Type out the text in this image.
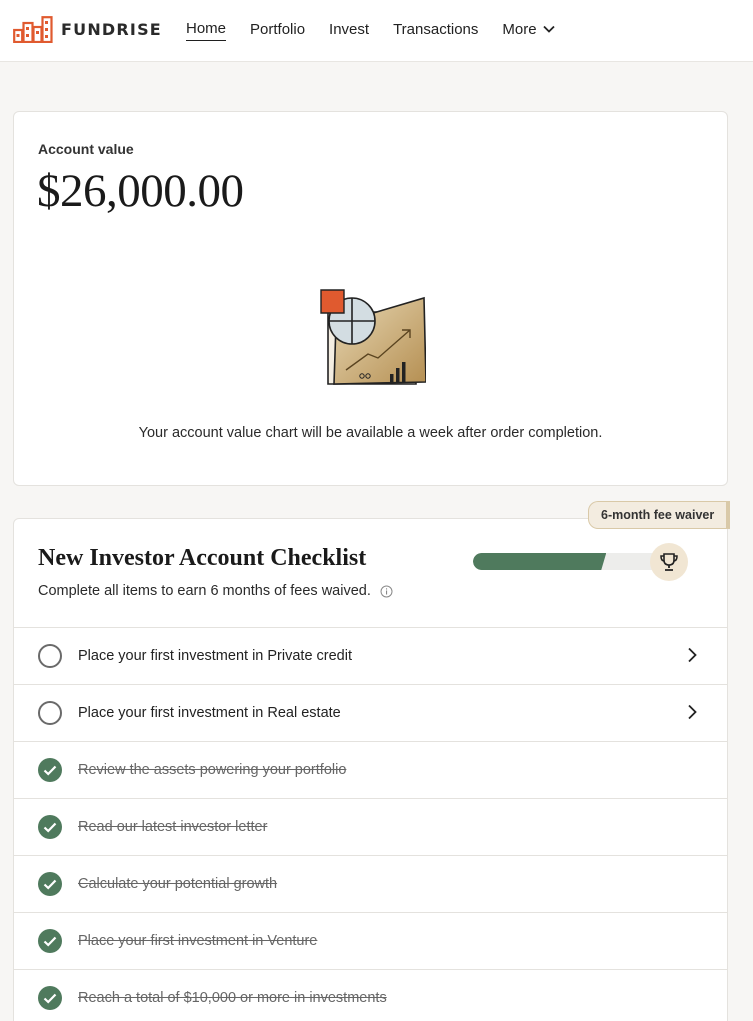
FUNDRISE Home Portfolio Invest Transactions More
Account value
$26,000.00
Your account value chart will be available a week after order completion.
6-month fee waiver
New Investor Account Checklist
Complete all items to earn 6 months of fees waived.
Place your first investment in Private credit
Place your first investment in Real estate
Review the assets powering your portfolio
Read our latest investor letter
Calculate your potential growth
Place your first investment in Venture
Reach a total of $10,000 or more in investments
